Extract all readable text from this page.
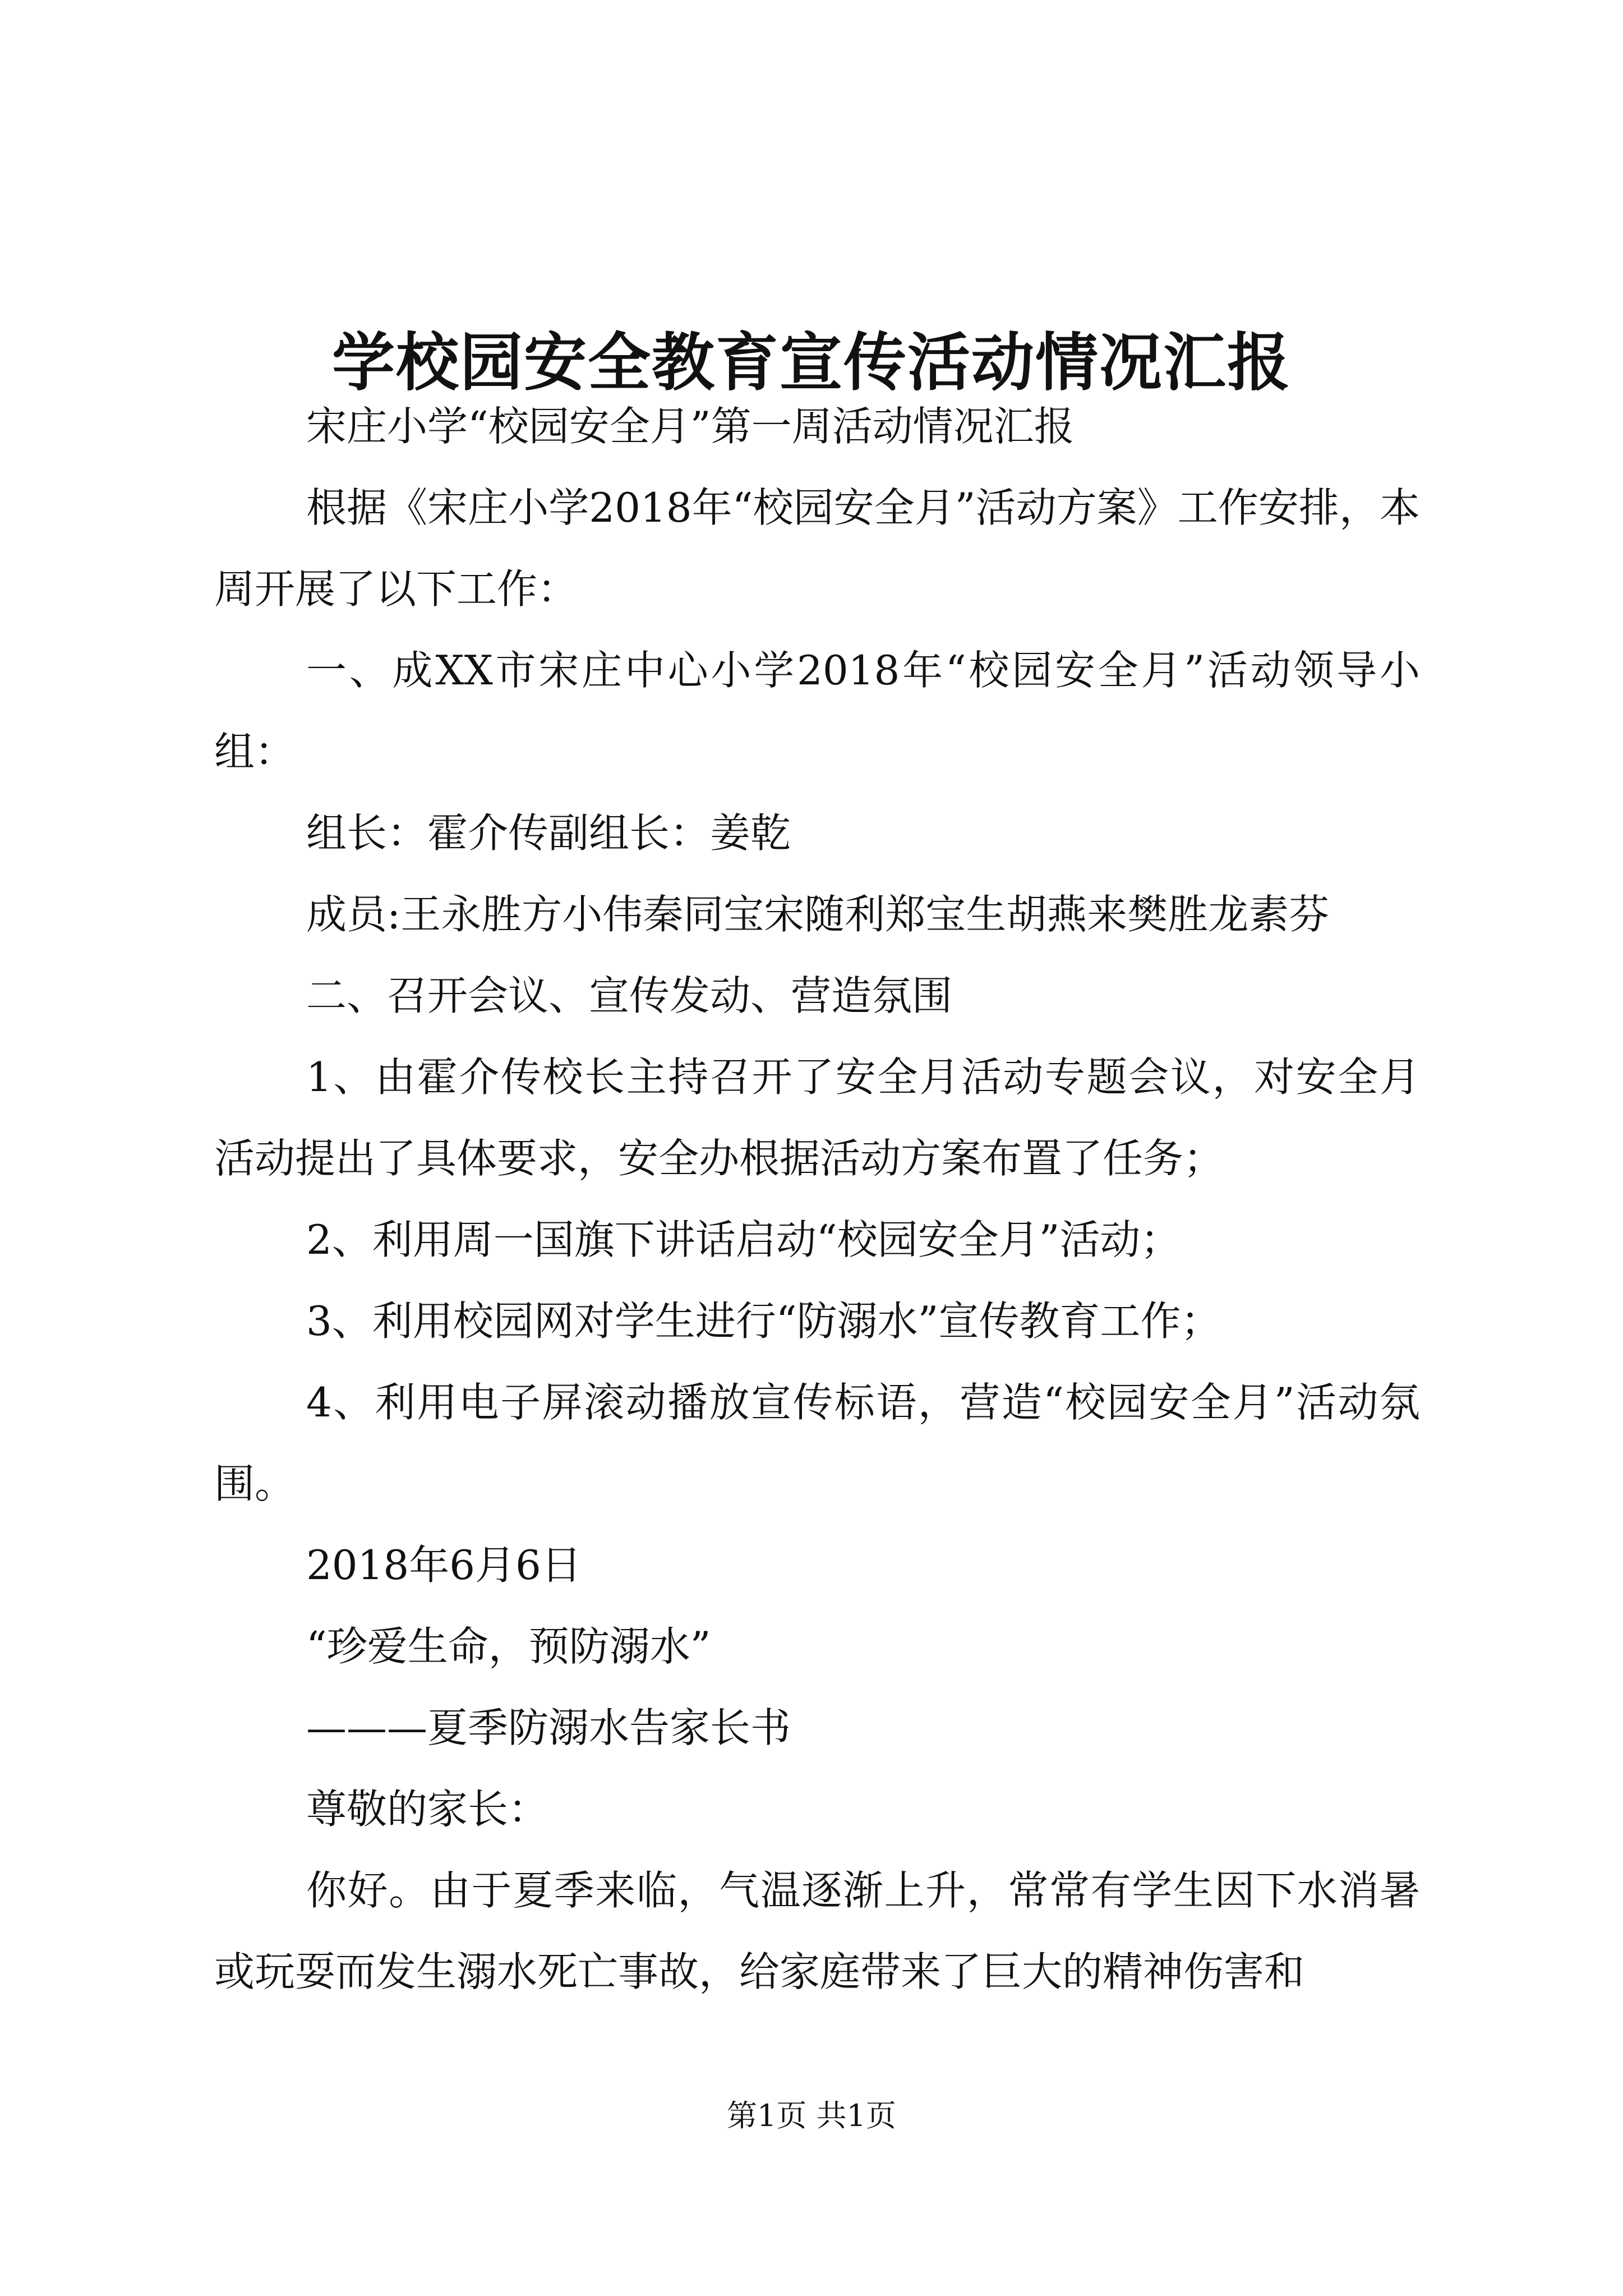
学校园安全教育宣传活动情况汇报

宋庄小学“校园安全月”第一周活动情况汇报

根据《宋庄小学2018年“校园安全月”活动方案》工作安排，本周开展了以下工作：

一、成XX市宋庄中心小学2018年“校园安全月”活动领导小组：

组长：霍介传副组长：姜乾

成员:王永胜方小伟秦同宝宋随利郑宝生胡燕来樊胜龙素芬

二、召开会议、宣传发动、营造氛围

1、由霍介传校长主持召开了安全月活动专题会议，对安全月活动提出了具体要求，安全办根据活动方案布置了任务；

2、利用周一国旗下讲话启动“校园安全月”活动；

3、利用校园网对学生进行“防溺水”宣传教育工作；

4、利用电子屏滚动播放宣传标语，营造“校园安全月”活动氛围。

2018年6月6日

“珍爱生命，预防溺水”

———夏季防溺水告家长书

尊敬的家长：

你好。由于夏季来临，气温逐渐上升，常常有学生因下水消暑或玩耍而发生溺水死亡事故，给家庭带来了巨大的精神伤害和

第1页 共1页
